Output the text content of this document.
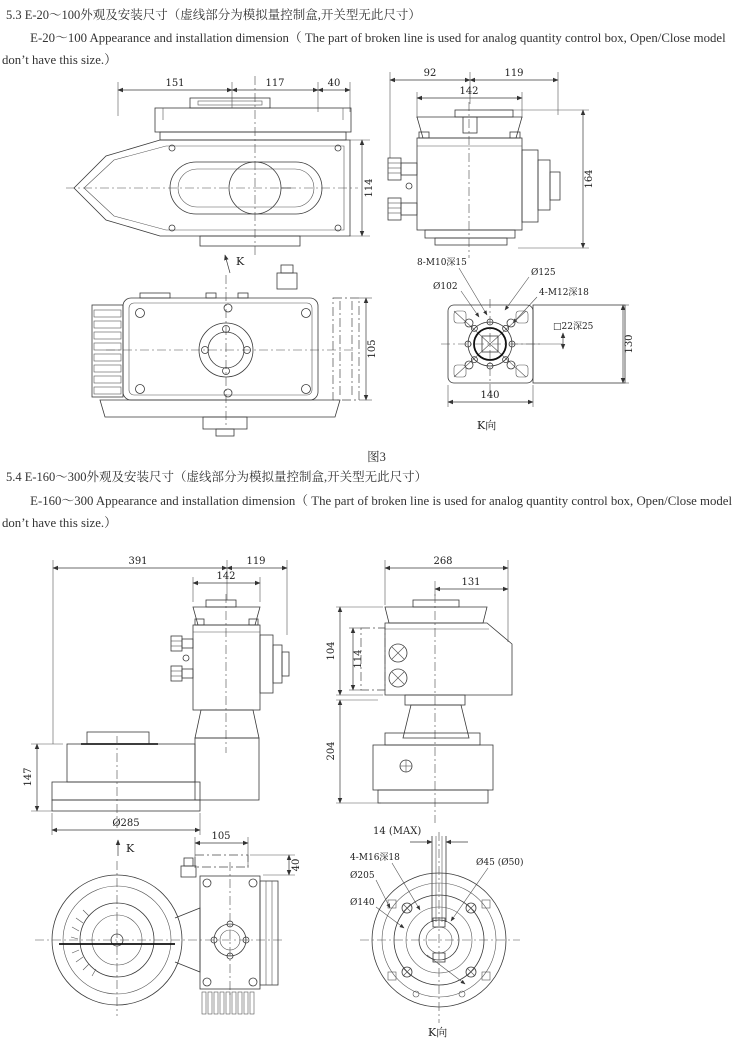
5.3 E-20～100外观及安装尺寸（虚线部分为模拟量控制盒,开关型无此尺寸）
E-20～100 Appearance and installation dimension（ The part of broken line is used for analog quantity control box, Open/Close model don’t have this size.）
151	117	40
114
92	119
142
164
K
105
8-M10深15
Ø125
Ø102
4-M12深18
□22深25
140
130
K向
图3
5.4 E-160～300外观及安装尺寸（虚线部分为模拟量控制盒,开关型无此尺寸）
E-160～300 Appearance and installation dimension（ The part of broken line is used for analog quantity control box, Open/Close model don’t have this size.）
391	119
142
147
Ø285
K
268
131
104 114
204
105
40
14 (MAX)
4-M16深18
Ø205
Ø140
Ø45 (Ø50)
K向
